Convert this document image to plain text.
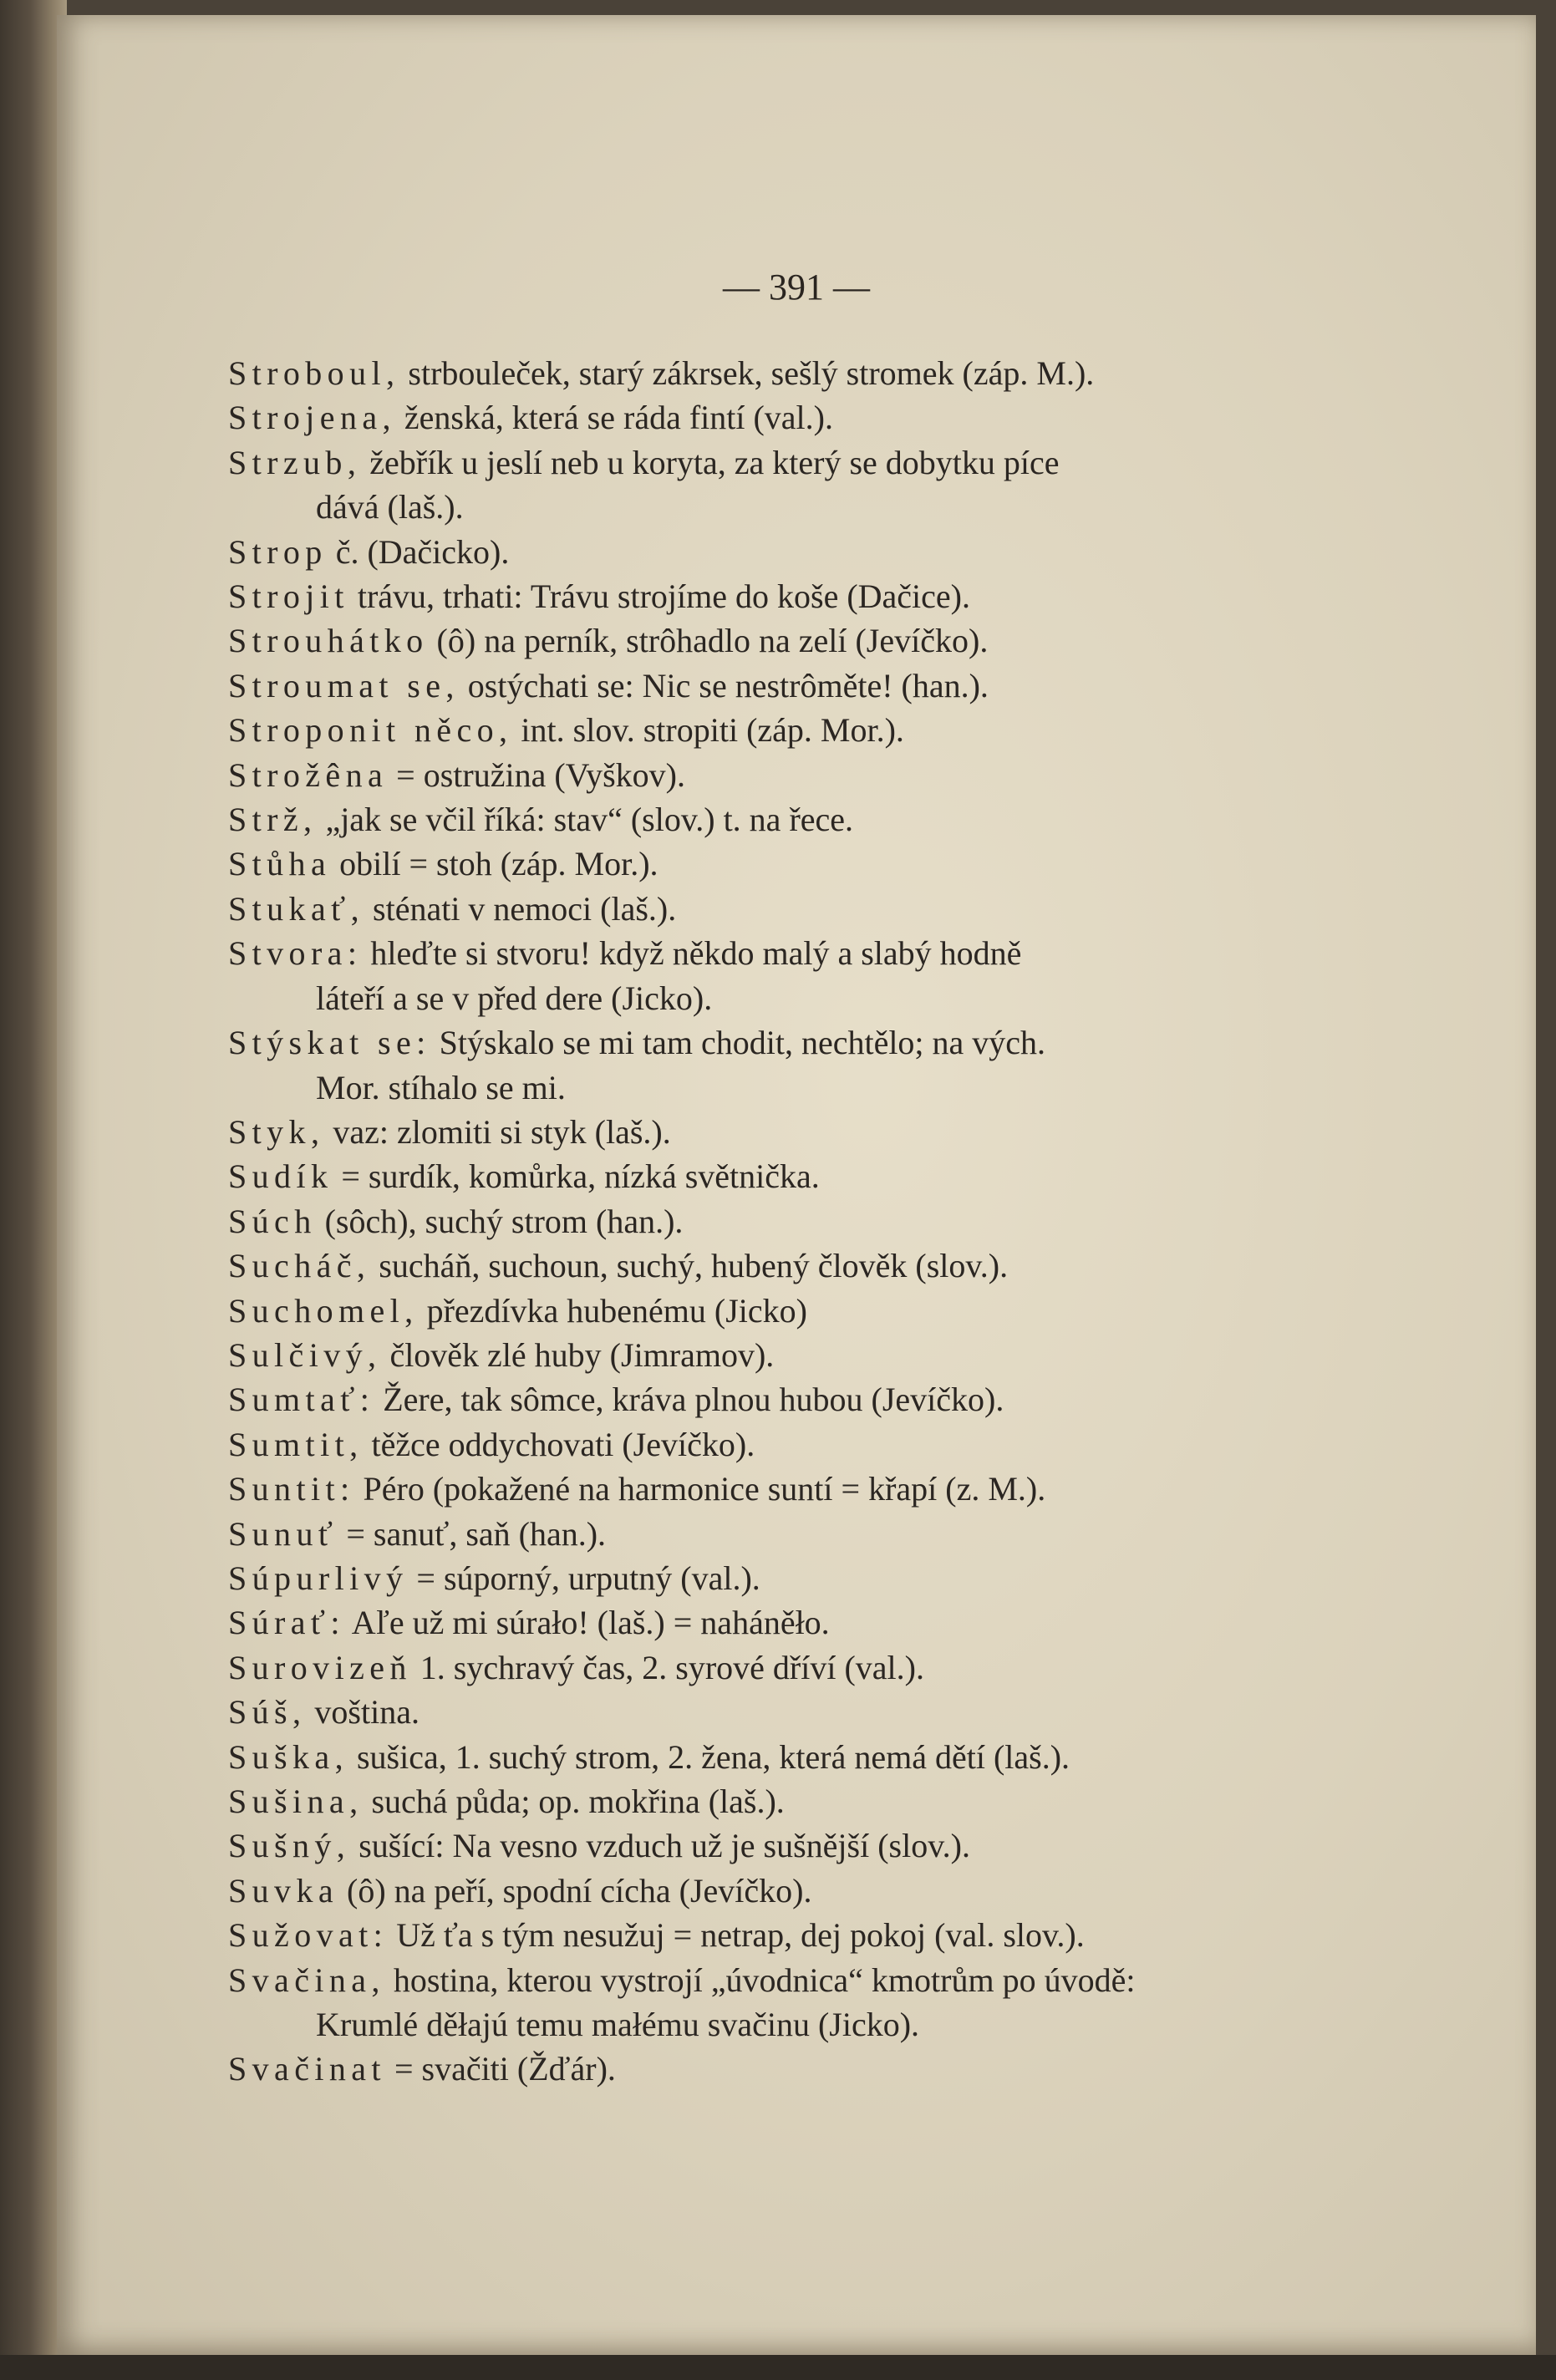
— 391 —
Stroboul, strbouleček, starý zákrsek, sešlý stromek (záp. M.).
Strojena, ženská, která se ráda fintí (val.).
Strzub, žebřík u jeslí neb u koryta, za který se dobytku píce
dává (laš.).
Strop č. (Dačicko).
Strojit trávu, trhati: Trávu strojíme do koše (Dačice).
Strouhátko (ô) na perník, strôhadlo na zelí (Jevíčko).
Stroumat se, ostýchati se: Nic se nestrôměte! (han.).
Stroponit něco, int. slov. stropiti (záp. Mor.).
Strožêna = ostružina (Vyškov).
Strž, „jak se včil říká: stav“ (slov.) t. na řece.
Stůha obilí = stoh (záp. Mor.).
Stukať, sténati v nemoci (laš.).
Stvora: hleďte si stvoru! když někdo malý a slabý hodně
láteří a se v před dere (Jicko).
Stýskat se: Stýskalo se mi tam chodit, nechtělo; na vých.
Mor. stíhalo se mi.
Styk, vaz: zlomiti si styk (laš.).
Sudík = surdík, komůrka, nízká světnička.
Súch (sôch), suchý strom (han.).
Sucháč, sucháň, suchoun, suchý, hubený člověk (slov.).
Suchomel, přezdívka hubenému (Jicko)
Sulčivý, člověk zlé huby (Jimramov).
Sumtať: Žere, tak sômce, kráva plnou hubou (Jevíčko).
Sumtit, těžce oddychovati (Jevíčko).
Suntit: Péro (pokažené na harmonice suntí = křapí (z. M.).
Sunuť = sanuť, saň (han.).
Súpurlivý = súporný, urputný (val.).
Súrať: Aľe už mi súrało! (laš.) = naháněło.
Surovizeň 1. sychravý čas, 2. syrové dříví (val.).
Súš, voština.
Suška, sušica, 1. suchý strom, 2. žena, která nemá dětí (laš.).
Sušina, suchá půda; op. mokřina (laš.).
Sušný, sušící: Na vesno vzduch už je sušnější (slov.).
Suvka (ô) na peří, spodní cícha (Jevíčko).
Sužovat: Už ťa s tým nesužuj = netrap, dej pokoj (val. slov.).
Svačina, hostina, kterou vystrojí „úvodnica“ kmotrům po úvodě:
Krumlé děłajú temu małému svačinu (Jicko).
Svačinat = svačiti (Žďár).
